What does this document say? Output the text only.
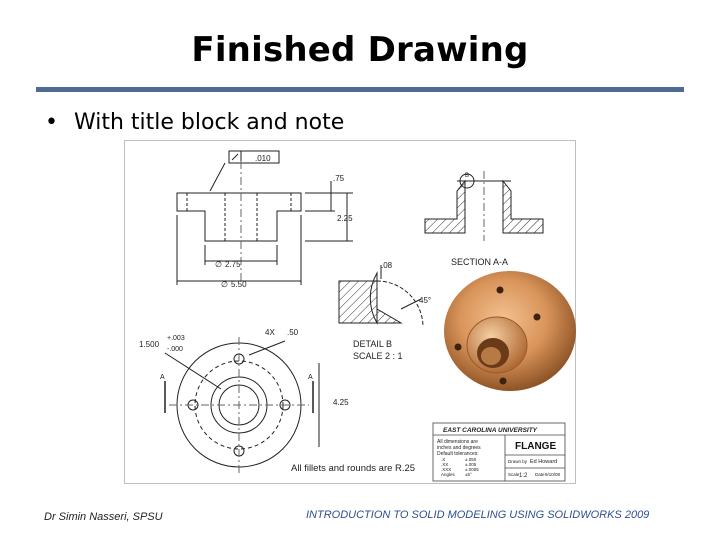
Finished Drawing
• With title block and note
.010
.75
2.25
2.75
5.50
∅
∅
B
SECTION A-A
.08
45°
DETAIL B
SCALE 2 : 1
1.500
+.003
-.000
4X .50
4.25
A	A
EAST CAROLINA UNIVERSITY
FLANGE
All dimensions are
inches and degrees
Default tolerances:
.X
.XX
.XXX
Angles
±.050
±.005
±.0005
±5°
Drawn by Ed Howard
Scale 1:2 Date 9/10/08
All fillets and rounds are R.25
Dr Simin Nasseri, SPSU	INTRODUCTION TO SOLID MODELING USING SOLIDWORKS 2009
